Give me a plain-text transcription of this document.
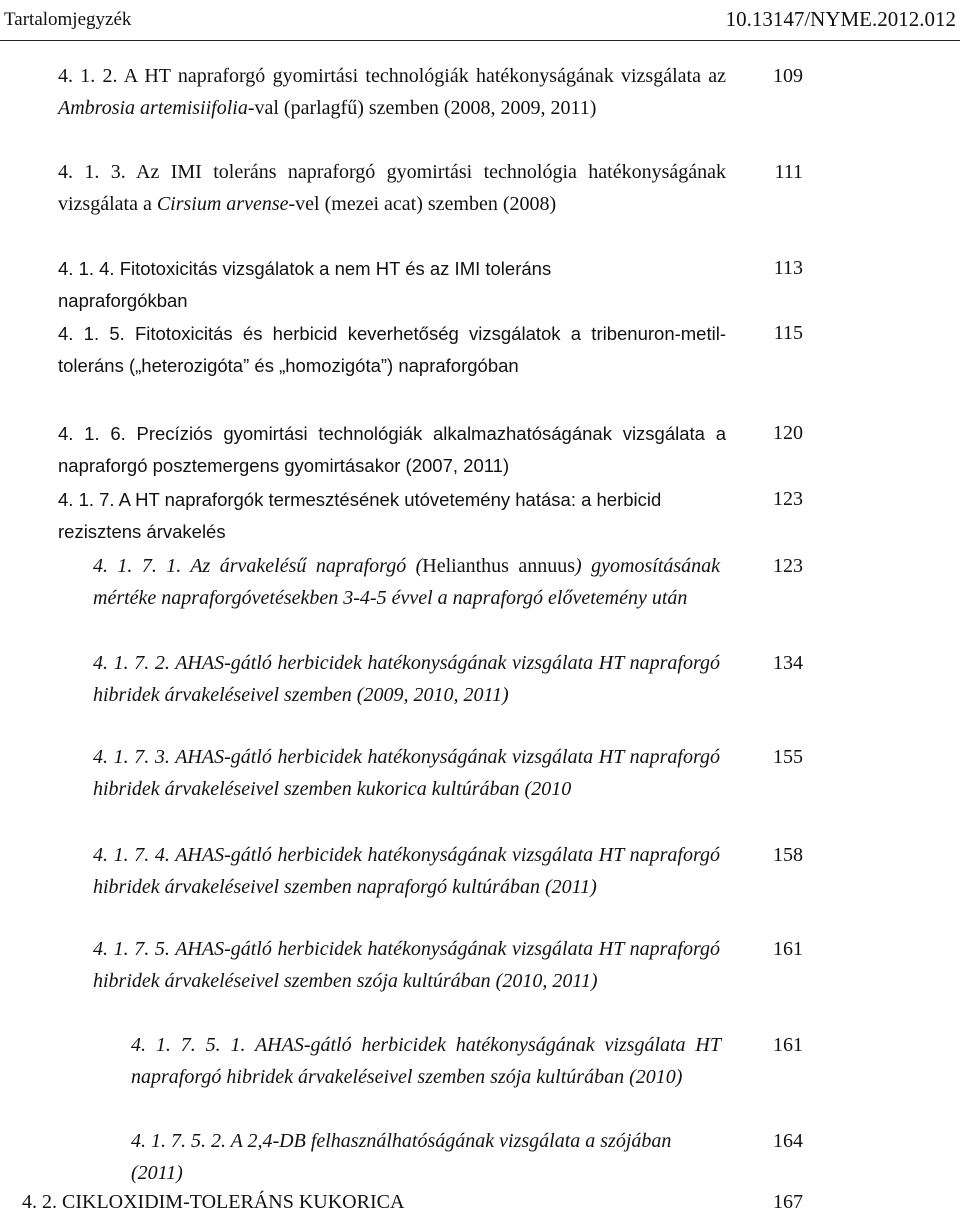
Tartalomjegyzék	10.13147/NYME.2012.012
4. 1. 2. A HT napraforgó gyomirtási technológiák hatékonyságának vizsgálata az Ambrosia artemisiifolia-val (parlagfű) szemben (2008, 2009, 2011)
109
4. 1. 3. Az IMI toleráns napraforgó gyomirtási technológia hatékonyságának vizsgálata a Cirsium arvense-vel (mezei acat) szemben (2008)
111
4. 1. 4. Fitotoxicitás vizsgálatok a nem HT és az IMI toleráns napraforgókban
113
4. 1. 5. Fitotoxicitás és herbicid keverhetőség vizsgálatok a tribenuron-metil-toleráns („heterozigóta” és „homozigóta”) napraforgóban
115
4. 1. 6. Precíziós gyomirtási technológiák alkalmazhatóságának vizsgálata a napraforgó posztemergens gyomirtásakor (2007, 2011)
120
4. 1. 7. A HT napraforgók termesztésének utóvetemény hatása: a herbicid rezisztens árvakelés
123
4. 1. 7. 1. Az árvakelésű napraforgó (Helianthus annuus) gyomosításának mértéke napraforgóvetésekben 3-4-5 évvel a napraforgó elővetemény után
123
4. 1. 7. 2. AHAS-gátló herbicidek hatékonyságának vizsgálata HT napraforgó hibridek árvakeléseivel szemben (2009, 2010, 2011)
134
4. 1. 7. 3. AHAS-gátló herbicidek hatékonyságának vizsgálata HT napraforgó hibridek árvakeléseivel szemben kukorica kultúrában (2010
155
4. 1. 7. 4. AHAS-gátló herbicidek hatékonyságának vizsgálata HT napraforgó hibridek árvakeléseivel szemben napraforgó kultúrában (2011)
158
4. 1. 7. 5. AHAS-gátló herbicidek hatékonyságának vizsgálata HT napraforgó hibridek árvakeléseivel szemben szója kultúrában (2010, 2011)
161
4. 1. 7. 5. 1. AHAS-gátló herbicidek hatékonyságának vizsgálata HT napraforgó hibridek árvakeléseivel szemben szója kultúrában (2010)
161
4. 1. 7. 5. 2. A 2,4-DB felhasználhatóságának vizsgálata a szójában (2011)
164
4. 2. CIKLOXIDIM-TOLERÁNS KUKORICA	167
